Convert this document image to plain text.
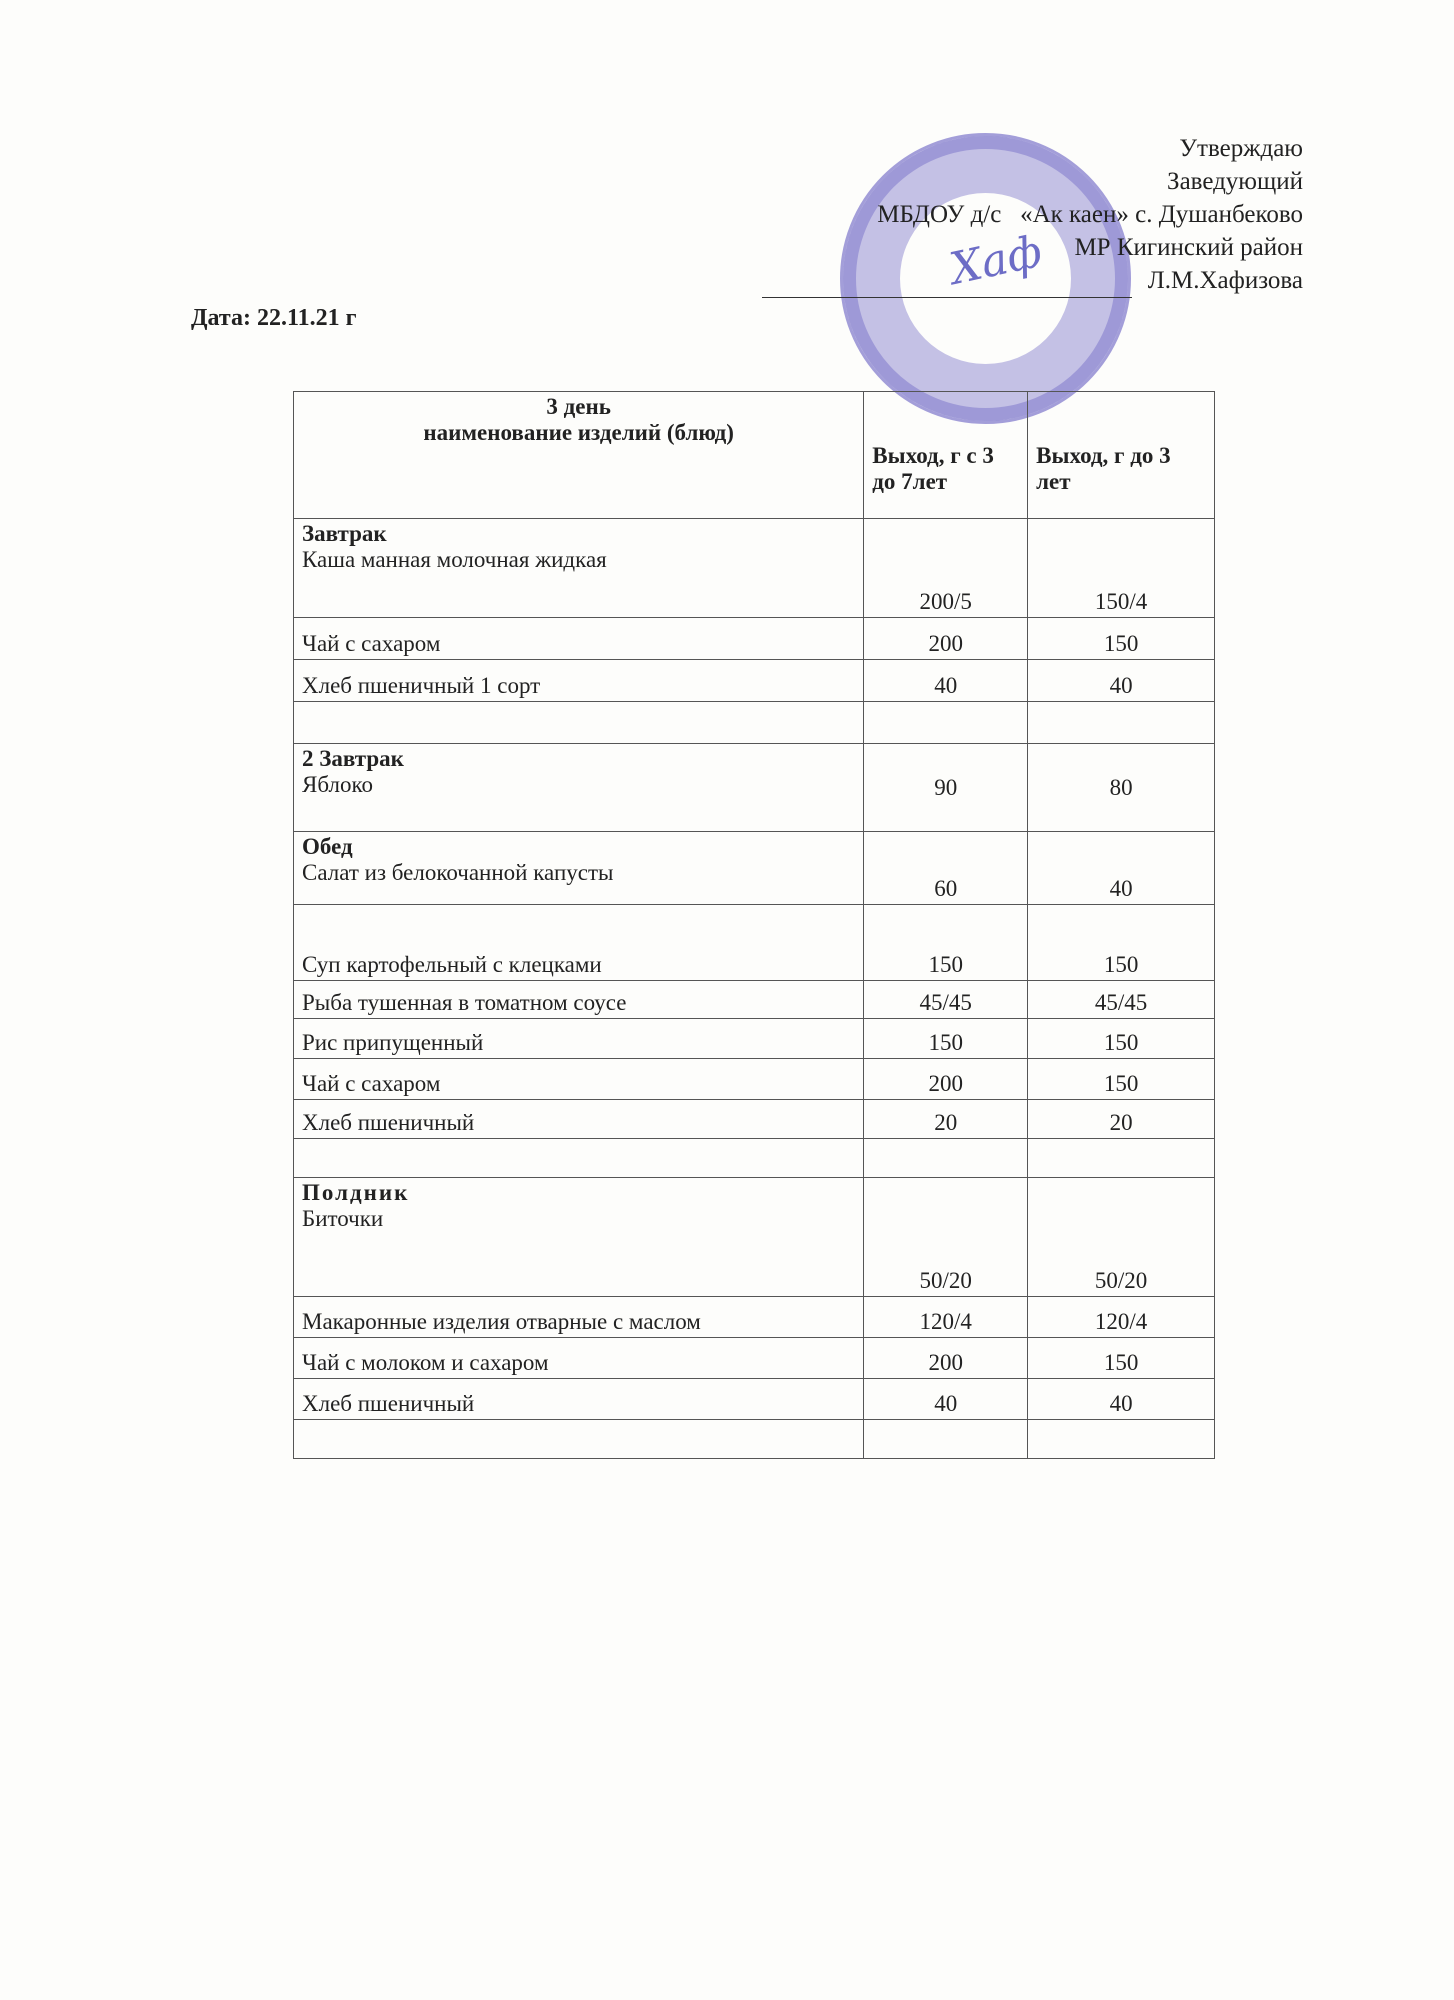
Хаф
Утверждаю
Заведующий
МБДОУ д/с   «Ак каен» с. Душанбеково
МР Кигинский район
Л.М.Хафизова
Дата: 22.11.21 г
3 день
наименование изделий (блюд)	Выход, г с 3 до 7лет	Выход, г до 3 лет

Завтрак
Каша манная молочная жидкая	200/5	150/4
Чай с сахаром	200	150
Хлеб пшеничный 1 сорт	40	40

2 Завтрак
Яблоко	90	80

Обед
Салат из белокочанной капусты	60	40
Суп картофельный с клецками	150	150
Рыба тушенная в томатном соусе	45/45	45/45
Рис припущенный	150	150
Чай с сахаром	200	150
Хлеб пшеничный	20	20

Полдник
Биточки	50/20	50/20
Макаронные изделия отварные с маслом	120/4	120/4
Чай с молоком и сахаром	200	150
Хлеб пшеничный	40	40
